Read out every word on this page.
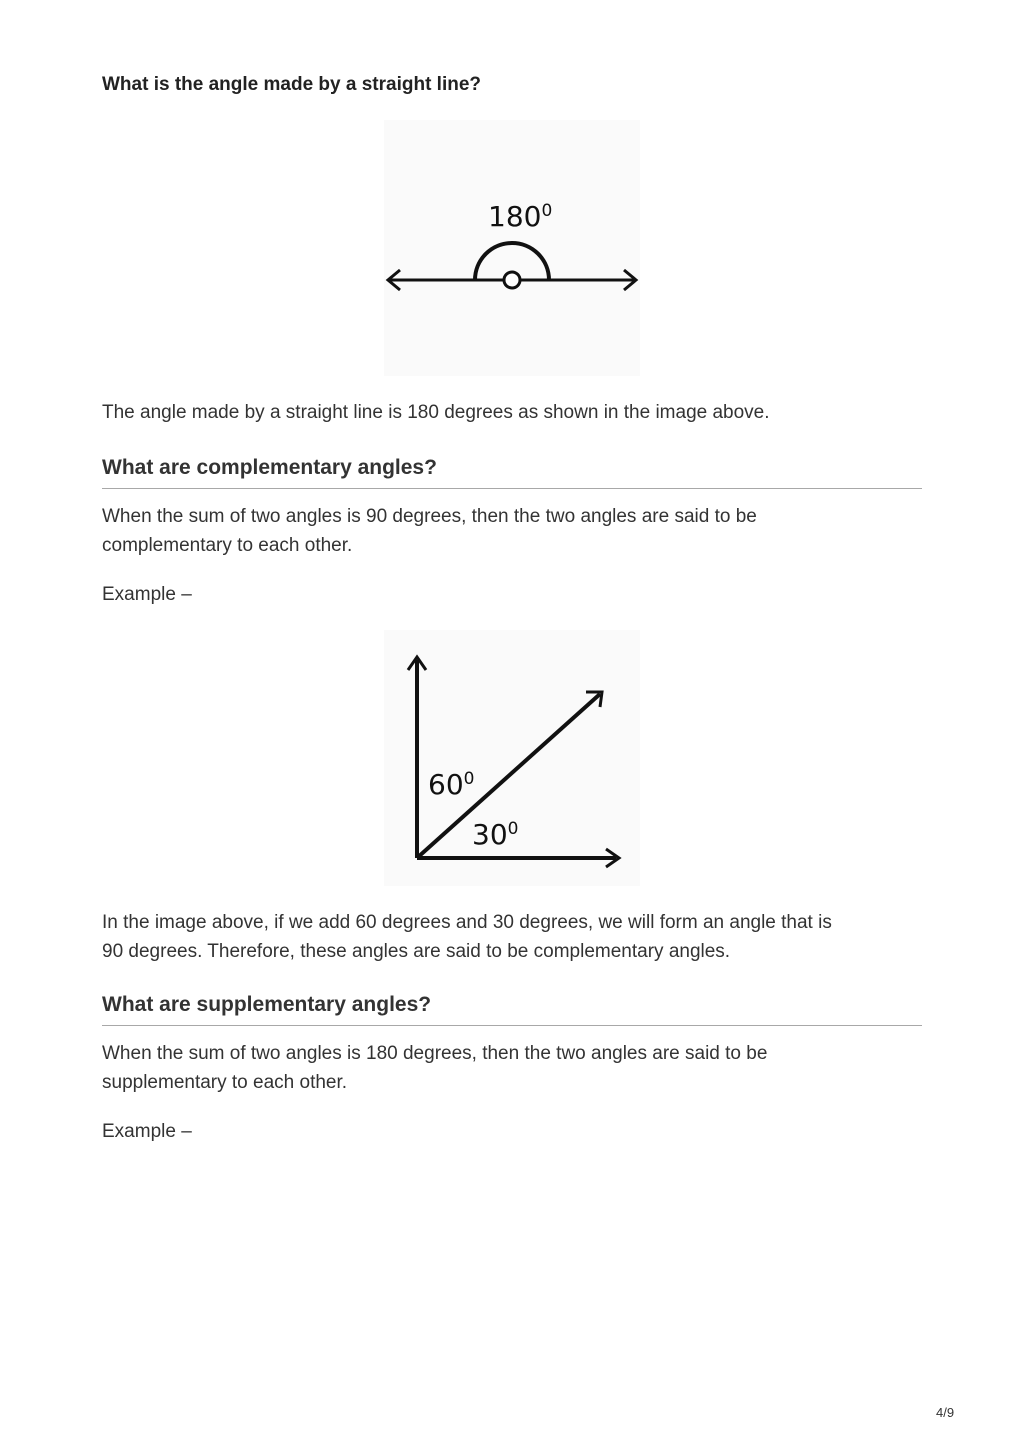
What is the angle made by a straight line?
$180^0$

The angle made by a straight line is 180 degrees as shown in the image above.

What are complementary angles?

When the sum of two angles is 90 degrees, then the two angles are said to be
complementary to each other.

Example –

$60^0$
$30^0$

In the image above, if we add 60 degrees and 30 degrees, we will form an angle that is
90 degrees. Therefore, these angles are said to be complementary angles.

What are supplementary angles?

When the sum of two angles is 180 degrees, then the two angles are said to be
supplementary to each other.

Example –

4/9
